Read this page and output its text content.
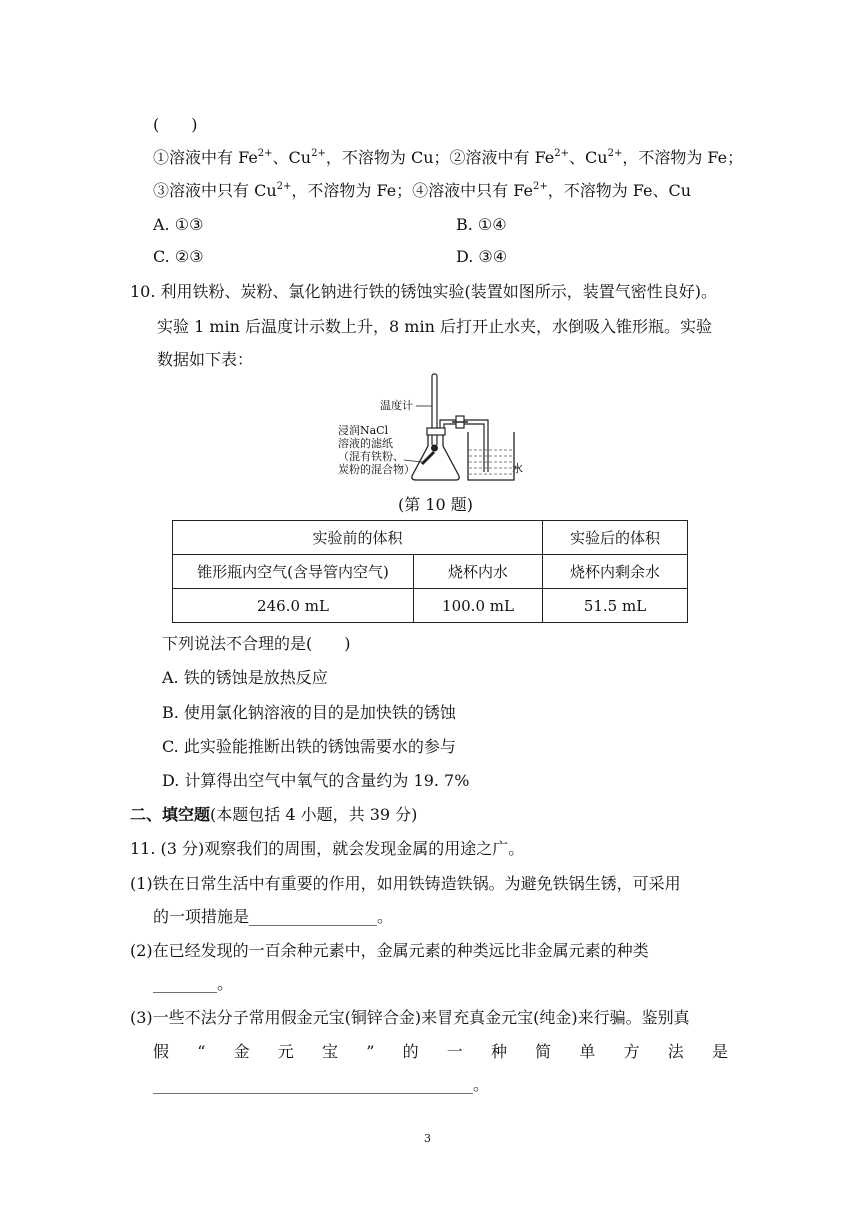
(　　)
①溶液中有 $Fe^{2+}$、$Cu^{2+}$，不溶物为 Cu；②溶液中有 $Fe^{2+}$、$Cu^{2+}$，不溶物为 Fe；
③溶液中只有 $Cu^{2+}$，不溶物为 Fe；④溶液中只有 $Fe^{2+}$，不溶物为 Fe、Cu
A. ①③	B. ①④
C. ②③	D. ③④
10. 利用铁粉、炭粉、氯化钠进行铁的锈蚀实验(装置如图所示，装置气密性良好)。
实验 1 min 后温度计示数上升，8 min 后打开止水夹，水倒吸入锥形瓶。实验
数据如下表：
温度计
浸润NaCl
溶液的滤纸
（混有铁粉、
炭粉的混合物）	水
(第 10 题)
实验前的体积		实验后的体积
锥形瓶内空气(含导管内空气)	烧杯内水	烧杯内剩余水
246.0 mL	100.0 mL	51.5 mL
下列说法不合理的是(　　)
A. 铁的锈蚀是放热反应
B. 使用氯化钠溶液的目的是加快铁的锈蚀
C. 此实验能推断出铁的锈蚀需要水的参与
D. 计算得出空气中氧气的含量约为 19. 7%
二、填空题(本题包括 4 小题，共 39 分)
11. (3 分)观察我们的周围，就会发现金属的用途之广。
(1)铁在日常生活中有重要的作用，如用铁铸造铁锅。为避免铁锅生锈，可采用
的一项措施是________________。
(2)在已经发现的一百余种元素中，金属元素的种类远比非金属元素的种类
________。
(3)一些不法分子常用假金元宝(铜锌合金)来冒充真金元宝(纯金)来行骗。鉴别真
假 “ 金 元 宝 ” 的 一 种 简 单 方 法 是
________________________________________。
3
